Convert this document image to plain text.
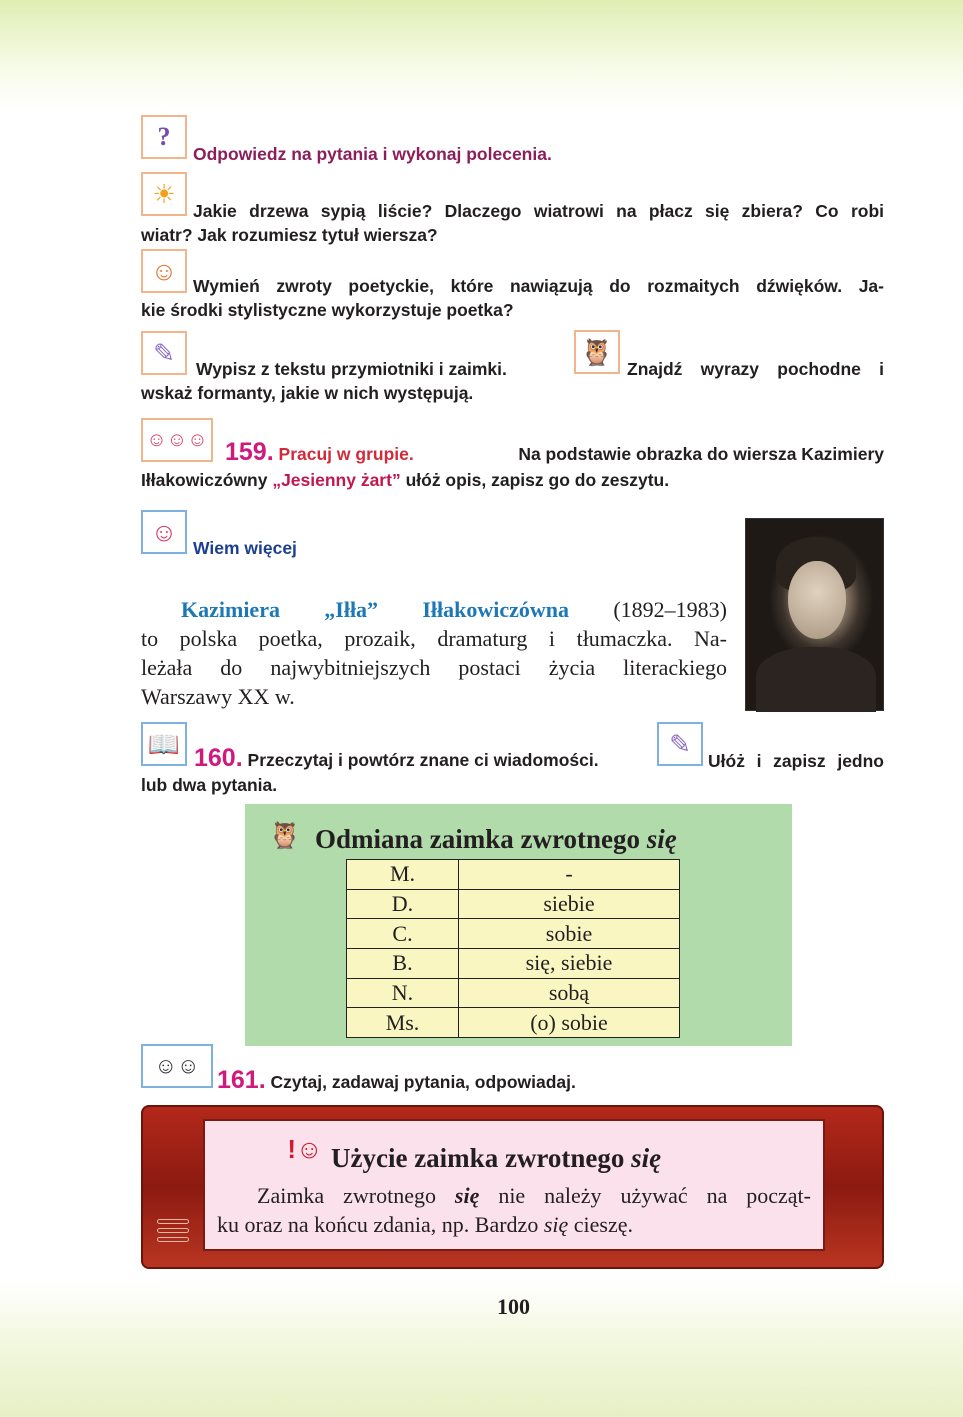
?
Odpowiedz na pytania i wykonaj polecenia.
☀
Jakie drzewa sypią liście? Dlaczego wiatrowi na płacz się zbiera? Co robi
wiatr? Jak rozumiesz tytuł wiersza?
☺ Wymień zwroty poetyckie, które nawiązują do rozmaitych dźwięków. Ja-
kie środki stylistyczne wykorzystuje poetka?
✎
Wypisz z tekstu przymiotniki i zaimki.
🦉
Znajdź wyrazy pochodne i
wskaż formanty, jakie w nich występują.
☺☺☺ 159. Pracuj w grupie.	Na podstawie obrazka do wiersza Kazimiery
Iłłakowiczówny „Jesienny żart” ułóż opis, zapisz go do zeszytu.
☺
Wiem więcej
Kazimiera „Iłła” Iłłakowiczówna (1892–1983)
to polska poetka, prozaik, dramaturg i tłumaczka. Na-
leżała do najwybitniejszych postaci życia literackiego
Warszawy XX w.
📖 160. Przeczytaj i powtórz znane ci wiadomości.
✎
Ułóż i zapisz jedno
lub dwa pytania.
🦉 Odmiana zaimka zwrotnego się
M.	-
D.	siebie
C.	sobie
B.	się, siebie
N.	sobą
Ms.	(o) sobie
☺☺
161. Czytaj, zadawaj pytania, odpowiadaj.
!☺ Użycie zaimka zwrotnego się
Zaimka zwrotnego się nie należy używać na począt-
ku oraz na końcu zdania, np. Bardzo się cieszę.
100
